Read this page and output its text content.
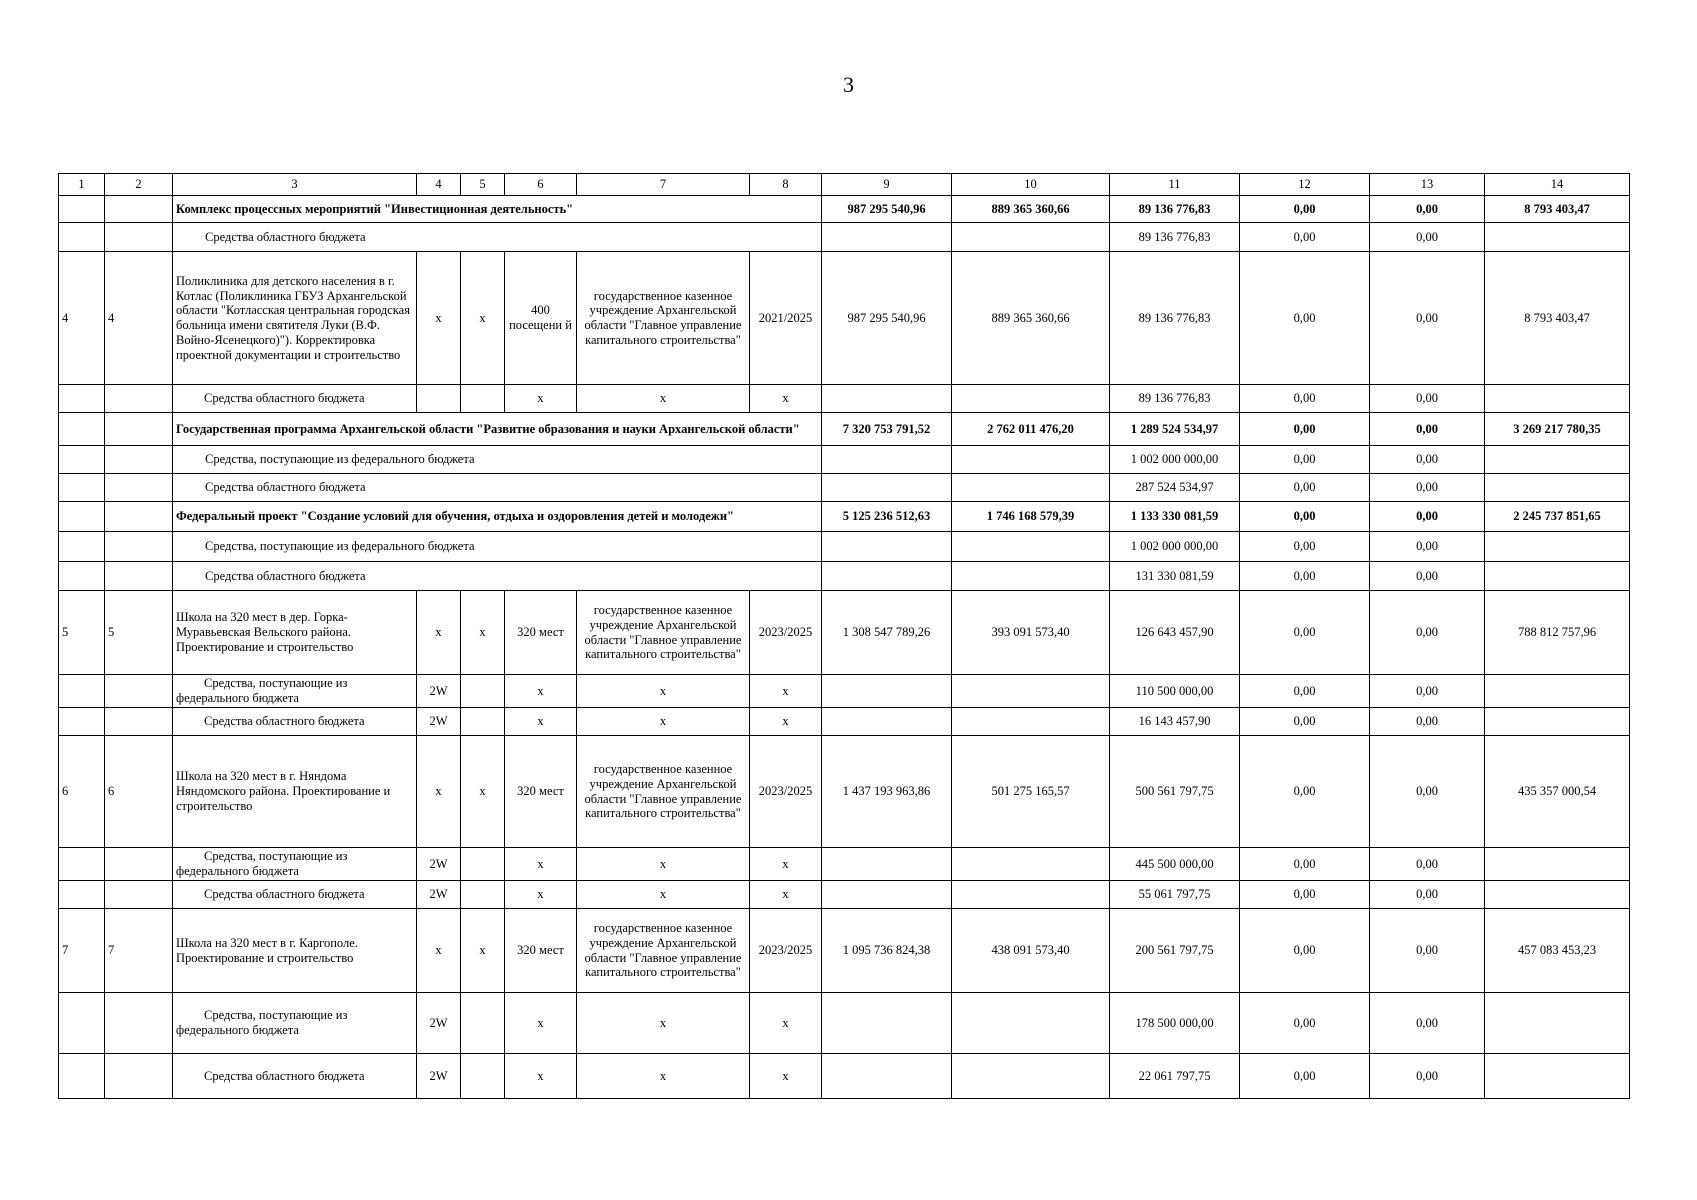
3
1	2	3	4	5	6	7	8	9	10	11	12	13	14
		Комплекс процессных мероприятий "Инвестиционная деятельность"						987 295 540,96	889 365 360,66	89 136 776,83	0,00	0,00	8 793 403,47
		Средства областного бюджета								89 136 776,83	0,00	0,00	
4	4	Поликлиника для детского населения в г. Котлас (Поликлиника ГБУЗ Архангельской области "Котласская центральная городская больница имени святителя Луки (В.Ф. Войно-Ясенецкого)"). Корректировка проектной документации и строительство	х	х	400 посещени й	государственное казенное учреждение Архангельской области "Главное управление капитального строительства"	2021/2025	987 295 540,96	889 365 360,66	89 136 776,83	0,00	0,00	8 793 403,47
		Средства областного бюджета			х	х	х			89 136 776,83	0,00	0,00	
		Государственная программа Архангельской области "Развитие образования и науки Архангельской области"						7 320 753 791,52	2 762 011 476,20	1 289 524 534,97	0,00	0,00	3 269 217 780,35
		Средства, поступающие из федерального бюджета								1 002 000 000,00	0,00	0,00	
		Средства областного бюджета								287 524 534,97	0,00	0,00	
		Федеральный проект "Создание условий для обучения, отдыха и оздоровления детей и молодежи"						5 125 236 512,63	1 746 168 579,39	1 133 330 081,59	0,00	0,00	2 245 737 851,65
		Средства, поступающие из федерального бюджета								1 002 000 000,00	0,00	0,00	
		Средства областного бюджета								131 330 081,59	0,00	0,00	
5	5	Школа на 320 мест в дер. Горка-Муравьевская Вельского района. Проектирование и строительство	х	х	320 мест	государственное казенное учреждение Архангельской области "Главное управление капитального строительства"	2023/2025	1 308 547 789,26	393 091 573,40	126 643 457,90	0,00	0,00	788 812 757,96
		Средства, поступающие из федерального бюджета	2W		х	х	х			110 500 000,00	0,00	0,00	
		Средства областного бюджета	2W		х	х	х			16 143 457,90	0,00	0,00	
6	6	Школа на 320 мест в г. Няндома Няндомского района. Проектирование и строительство	х	х	320 мест	государственное казенное учреждение Архангельской области "Главное управление капитального строительства"	2023/2025	1 437 193 963,86	501 275 165,57	500 561 797,75	0,00	0,00	435 357 000,54
		Средства, поступающие из федерального бюджета	2W		х	х	х			445 500 000,00	0,00	0,00	
		Средства областного бюджета	2W		х	х	х			55 061 797,75	0,00	0,00	
7	7	Школа на 320 мест в г. Каргополе. Проектирование и строительство	х	х	320 мест	государственное казенное учреждение Архангельской области "Главное управление капитального строительства"	2023/2025	1 095 736 824,38	438 091 573,40	200 561 797,75	0,00	0,00	457 083 453,23
		Средства, поступающие из федерального бюджета	2W		х	х	х			178 500 000,00	0,00	0,00	
		Средства областного бюджета	2W		х	х	х			22 061 797,75	0,00	0,00	
